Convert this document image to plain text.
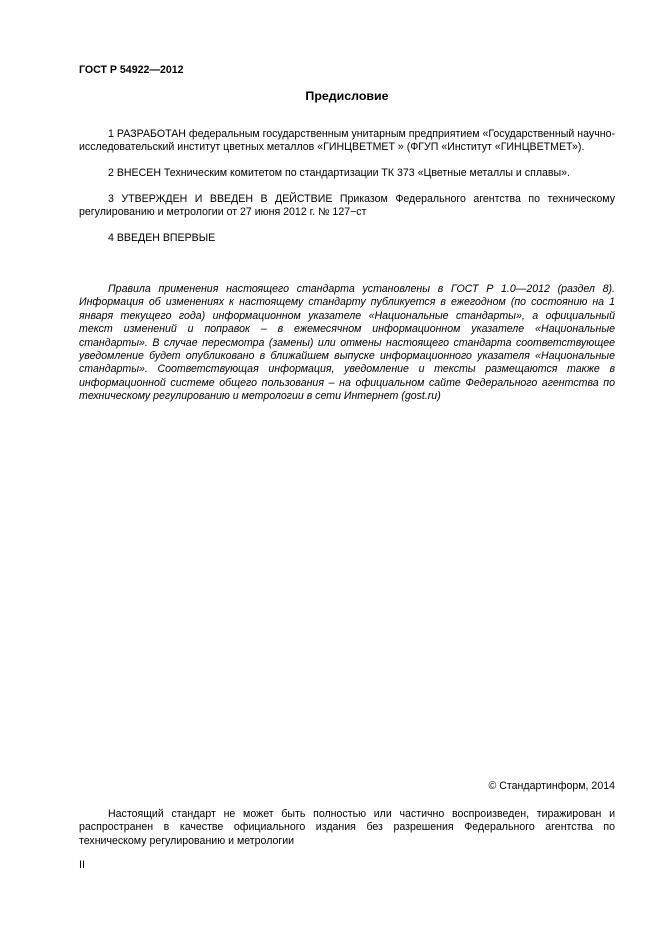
ГОСТ Р 54922—2012
Предисловие
1 РАЗРАБОТАН федеральным государственным унитарным предприятием «Государственный научно-исследовательский институт цветных металлов «ГИНЦВЕТМЕТ » (ФГУП «Институт «ГИНЦВЕТМЕТ»).
2 ВНЕСЕН Техническим комитетом по стандартизации ТК 373 «Цветные металлы и сплавы».
3 УТВЕРЖДЕН И ВВЕДЕН В ДЕЙСТВИЕ Приказом Федерального агентства по техническому регулированию и метрологии от 27 июня 2012 г. № 127−ст
4 ВВЕДЕН ВПЕРВЫЕ
Правила применения настоящего стандарта установлены в ГОСТ Р 1.0—2012 (раздел 8). Информация об изменениях к настоящему стандарту публикуется в ежегодном (по состоянию на 1 января текущего года) информационном указателе «Национальные стандарты», а официальный текст изменений и поправок – в ежемесячном информационном указателе «Национальные стандарты». В случае пересмотра (замены) или отмены настоящего стандарта соответствующее уведомление будет опубликовано в ближайшем выпуске информационного указателя «Национальные стандарты». Соответствующая информация, уведомление и тексты размещаются также в информационной системе общего пользования – на официальном сайте Федерального агентства по техническому регулированию и метрологии в сети Интернет (gost.ru)
© Стандартинформ, 2014
Настоящий стандарт не может быть полностью или частично воспроизведен, тиражирован и распространен в качестве официального издания без разрешения Федерального агентства по техническому регулированию и метрологии
II
